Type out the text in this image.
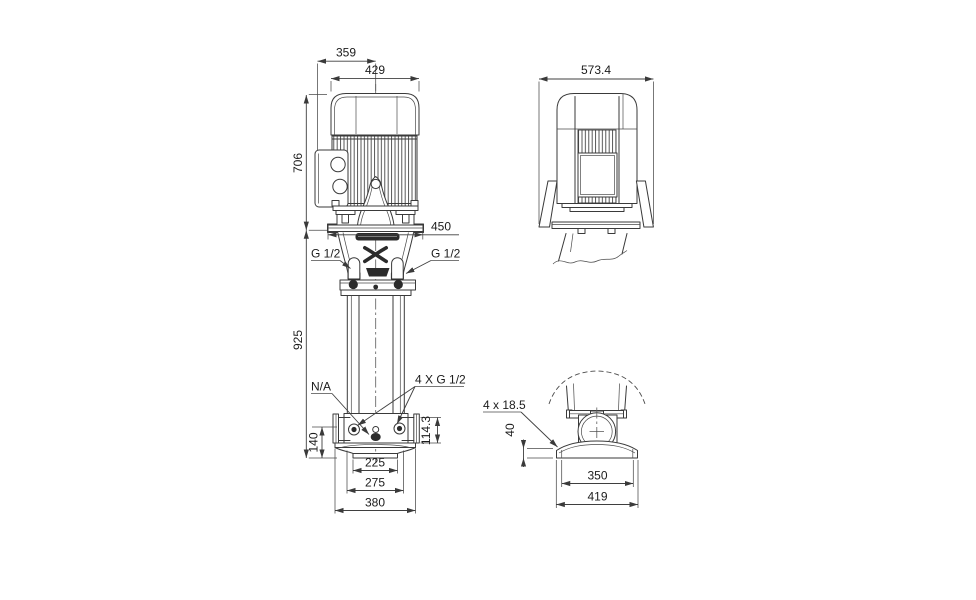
359
429
706
450
G 1/2	G 1/2
925
N/A	4 X G 1/2
140	114.3
225
275
380
573.4
4 x 18.5
40
350
419
